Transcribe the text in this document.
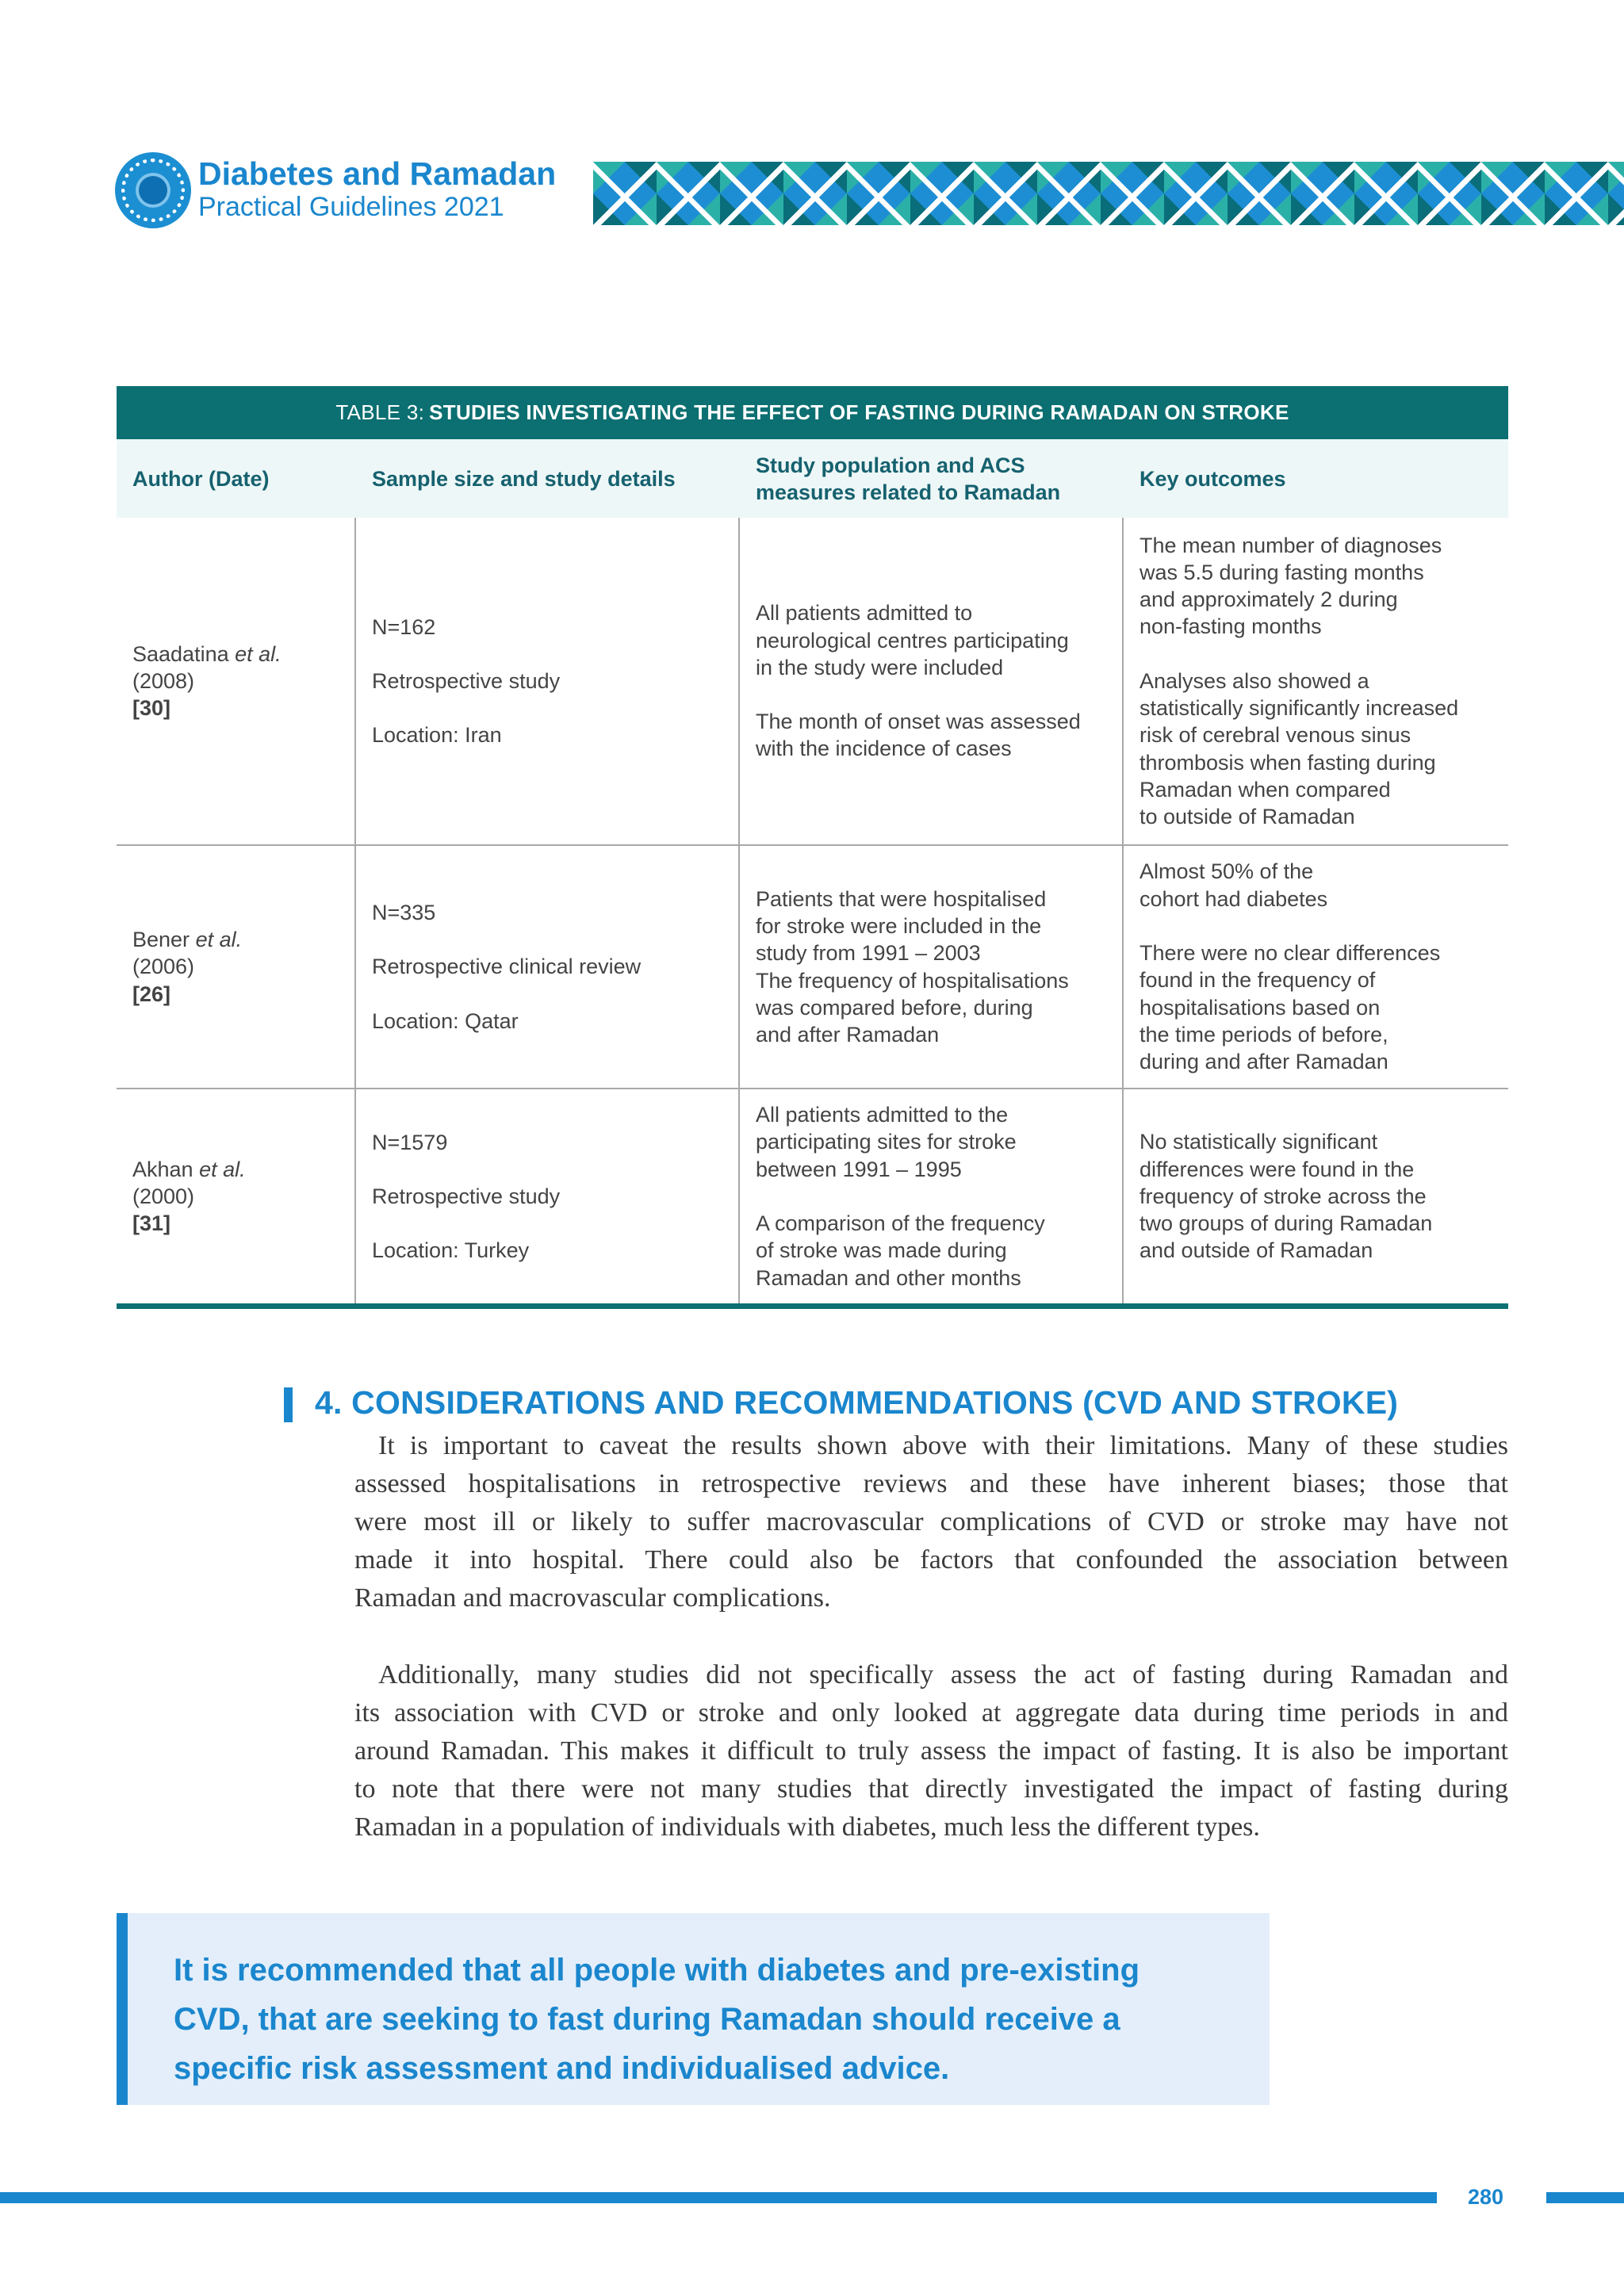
Diabetes and Ramadan
Practical Guidelines 2021
TABLE 3: STUDIES INVESTIGATING THE EFFECT OF FASTING DURING RAMADAN ON STROKE
Author (Date)	Sample size and study details
Study population and ACS
measures related to Ramadan
Key outcomes
Saadatina et al.
(2008)
[30]
N=162
Retrospective study
Location: Iran
All patients admitted to
neurological centres participating
in the study were included
The month of onset was assessed
with the incidence of cases
The mean number of diagnoses
was 5.5 during fasting months
and approximately 2 during
non-fasting months
Analyses also showed a
statistically significantly increased
risk of cerebral venous sinus
thrombosis when fasting during
Ramadan when compared
to outside of Ramadan
Bener et al.
(2006)
[26]
N=335
Retrospective clinical review
Location: Qatar
Patients that were hospitalised
for stroke were included in the
study from 1991 – 2003
The frequency of hospitalisations
was compared before, during
and after Ramadan
Almost 50% of the
cohort had diabetes
There were no clear differences
found in the frequency of
hospitalisations based on
the time periods of before,
during and after Ramadan
Akhan et al.
(2000)
[31]
N=1579
Retrospective study
Location: Turkey
All patients admitted to the
participating sites for stroke
between 1991 – 1995
A comparison of the frequency
of stroke was made during
Ramadan and other months
No statistically significant
differences were found in the
frequency of stroke across the
two groups of during Ramadan
and outside of Ramadan
4. CONSIDERATIONS AND RECOMMENDATIONS (CVD AND STROKE)
It is important to caveat the results shown above with their limitations. Many of these studies
assessed hospitalisations in retrospective reviews and these have inherent biases; those that
were most ill or likely to suffer macrovascular complications of CVD or stroke may have not
made it into hospital. There could also be factors that confounded the association between
Ramadan and macrovascular complications.
Additionally, many studies did not specifically assess the act of fasting during Ramadan and
its association with CVD or stroke and only looked at aggregate data during time periods in and
around Ramadan. This makes it difficult to truly assess the impact of fasting. It is also be important
to note that there were not many studies that directly investigated the impact of fasting during
Ramadan in a population of individuals with diabetes, much less the different types.
It is recommended that all people with diabetes and pre-existing
CVD, that are seeking to fast during Ramadan should receive a
specific risk assessment and individualised advice.
280
